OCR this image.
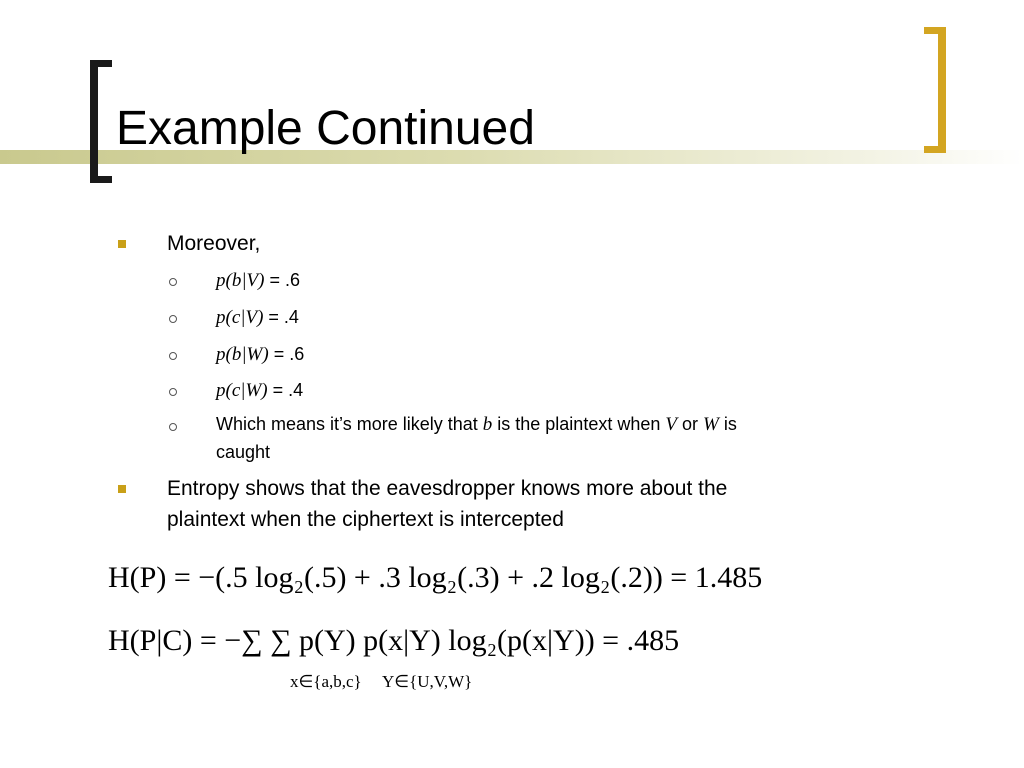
Example Continued
Moreover,
p(b|V) = .6
p(c|V) = .4
p(b|W) = .6
p(c|W) = .4
Which means it’s more likely that b is the plaintext when V or W is
caught
Entropy shows that the eavesdropper knows more about the
plaintext when the ciphertext is intercepted
H(P) = −(.5 log₂(.5) + .3 log₂(.3) + .2 log₂(.2)) = 1.485
H(P|C) = −∑ ∑ p(Y) p(x|Y) log₂(p(x|Y)) = .485
x∈{a,b,c} Y∈{U,V,W}
